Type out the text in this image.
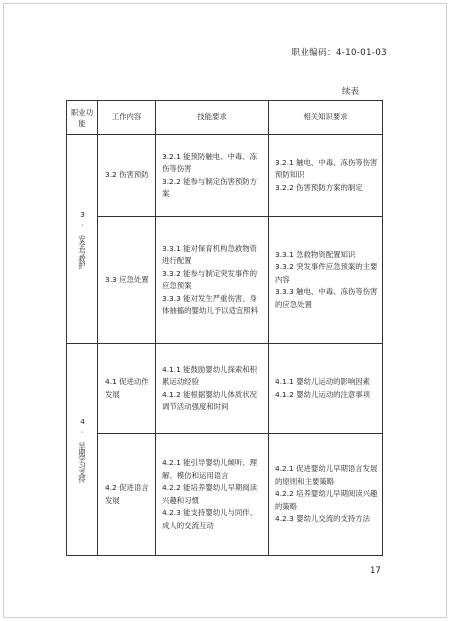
职业编码：4-10-01-03
续表
职业功能	工作内容	技能要求	相关知识要求

3. 安全与救护	3.2 伤害预防	3.2.1 能预防触电、中毒、冻伤等伤害
3.2.2 能参与制定伤害预防方案	3.2.1 触电、中毒、冻伤等伤害预防知识
3.2.2 伤害预防方案的制定

	3.3 应急处置	3.3.1 能对保育机构急救物资进行配置
3.3.2 能参与制定突发事件的应急预案
3.3.3 能对发生严重伤害、身体抽搐的婴幼儿予以适宜照料	3.3.1 急救物资配置知识
3.3.2 突发事件应急预案的主要内容
3.3.3 触电、中毒、冻伤等伤害的应急处置

4. 早期学习支持	4.1 促进动作发展	4.1.1 能鼓励婴幼儿探索和积累运动经验
4.1.2 能根据婴幼儿体质状况调节活动强度和时间	4.1.1 婴幼儿运动的影响因素
4.1.2 婴幼儿运动的注意事项

	4.2 促进语言发展	4.2.1 能引导婴幼儿倾听、理解、模仿和运用语言
4.2.2 能培养婴幼儿早期阅读兴趣和习惯
4.2.3 能支持婴幼儿与同伴、成人的交流互动	4.2.1 促进婴幼儿早期语言发展的原则和主要策略
4.2.2 培养婴幼儿早期阅读兴趣的策略
4.2.3 婴幼儿交流的支持方法
17
